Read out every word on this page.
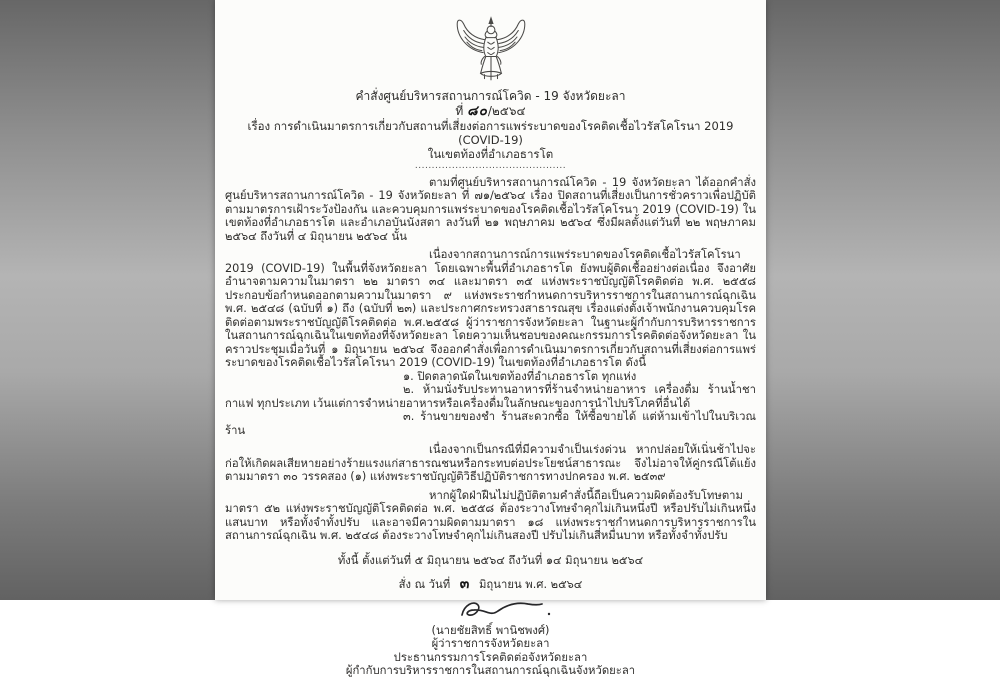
คำสั่งศูนย์บริหารสถานการณ์โควิด - 19 จังหวัดยะลา
ที่ ๘๐/๒๕๖๔
เรื่อง การดำเนินมาตรการเกี่ยวกับสถานที่เสี่ยงต่อการแพร่ระบาดของโรคติดเชื้อไวรัสโคโรนา 2019 (COVID-19)
ในเขตท้องที่อำเภอธารโต
.............................................

ตามที่ศูนย์บริหารสถานการณ์โควิด - 19 จังหวัดยะลา ได้ออกคำสั่งศูนย์บริหารสถานการณ์โควิด - 19 จังหวัดยะลา ที่ ๗๑/๒๕๖๔ เรื่อง ปิดสถานที่เสี่ยงเป็นการชั่วคราวเพื่อปฏิบัติตามมาตรการเฝ้าระวังป้องกัน และควบคุมการแพร่ระบาดของโรคติดเชื้อไวรัสโคโรนา 2019 (COVID-19) ในเขตท้องที่อำเภอธารโต และอำเภอบันนังสตา ลงวันที่ ๒๑ พฤษภาคม ๒๕๖๔ ซึ่งมีผลตั้งแต่วันที่ ๒๒ พฤษภาคม ๒๕๖๔ ถึงวันที่ ๔ มิถุนายน ๒๕๖๔ นั้น

เนื่องจากสถานการณ์การแพร่ระบาดของโรคติดเชื้อไวรัสโคโรนา 2019 (COVID-19) ในพื้นที่จังหวัดยะลา โดยเฉพาะพื้นที่อำเภอธารโต ยังพบผู้ติดเชื้ออย่างต่อเนื่อง จึงอาศัยอำนาจตามความในมาตรา ๒๒ มาตรา ๓๔ และมาตรา ๓๕ แห่งพระราชบัญญัติโรคติดต่อ พ.ศ. ๒๕๕๘ ประกอบข้อกำหนดออกตามความในมาตรา ๙ แห่งพระราชกำหนดการบริหารราชการในสถานการณ์ฉุกเฉิน พ.ศ. ๒๕๔๘ (ฉบับที่ ๑) ถึง (ฉบับที่ ๒๓) และประกาศกระทรวงสาธารณสุข เรื่องแต่งตั้งเจ้าพนักงานควบคุมโรคติดต่อตามพระราชบัญญัติโรคติดต่อ พ.ศ.๒๕๕๘ ผู้ว่าราชการจังหวัดยะลา ในฐานะผู้กำกับการบริหารราชการในสถานการณ์ฉุกเฉินในเขตท้องที่จังหวัดยะลา โดยความเห็นชอบของคณะกรรมการโรคติดต่อจังหวัดยะลา ในคราวประชุมเมื่อวันที่ ๑ มิถุนายน ๒๕๖๔ จึงออกคำสั่งเพื่อการดำเนินมาตรการเกี่ยวกับสถานที่เสี่ยงต่อการแพร่ระบาดของโรคติดเชื้อไวรัสโคโรนา 2019 (COVID-19) ในเขตท้องที่อำเภอธารโต ดังนี้

๑. ปิดตลาดนัดในเขตท้องที่อำเภอธารโต ทุกแห่ง

๒. ห้ามนั่งรับประทานอาหารที่ร้านจำหน่ายอาหาร เครื่องดื่ม ร้านน้ำชา กาแฟ ทุกประเภท เว้นแต่การจำหน่ายอาหารหรือเครื่องดื่มในลักษณะของการนำไปบริโภคที่อื่นได้

๓. ร้านขายของชำ ร้านสะดวกซื้อ ให้ซื้อขายได้ แต่ห้ามเข้าไปในบริเวณร้าน

เนื่องจากเป็นกรณีที่มีความจำเป็นเร่งด่วน หากปล่อยให้เนิ่นช้าไปจะก่อให้เกิดผลเสียหายอย่างร้ายแรงแก่สาธารณชนหรือกระทบต่อประโยชน์สาธารณะ จึงไม่อาจให้คู่กรณีโต้แย้ง ตามมาตรา ๓๐ วรรคสอง (๑) แห่งพระราชบัญญัติวิธีปฏิบัติราชการทางปกครอง พ.ศ. ๒๕๓๙

หากผู้ใดฝ่าฝืนไม่ปฏิบัติตามคำสั่งนี้ถือเป็นความผิดต้องรับโทษตามมาตรา ๕๒ แห่งพระราชบัญญัติโรคติดต่อ พ.ศ. ๒๕๕๘ ต้องระวางโทษจำคุกไม่เกินหนึ่งปี หรือปรับไม่เกินหนึ่งแสนบาท หรือทั้งจำทั้งปรับ และอาจมีความผิดตามมาตรา ๑๘ แห่งพระราชกำหนดการบริหารราชการในสถานการณ์ฉุกเฉิน พ.ศ. ๒๕๔๘ ต้องระวางโทษจำคุกไม่เกินสองปี ปรับไม่เกินสี่หมื่นบาท หรือทั้งจำทั้งปรับ

ทั้งนี้ ตั้งแต่วันที่ ๕ มิถุนายน ๒๕๖๔ ถึงวันที่ ๑๔ มิถุนายน ๒๕๖๔
สั่ง ณ วันที่ ๓ มิถุนายน พ.ศ. ๒๕๖๔
(นายชัยสิทธิ์ พานิชพงศ์)
ผู้ว่าราชการจังหวัดยะลา
ประธานกรรมการโรคติดต่อจังหวัดยะลา
ผู้กำกับการบริหารราชการในสถานการณ์ฉุกเฉินจังหวัดยะลา
